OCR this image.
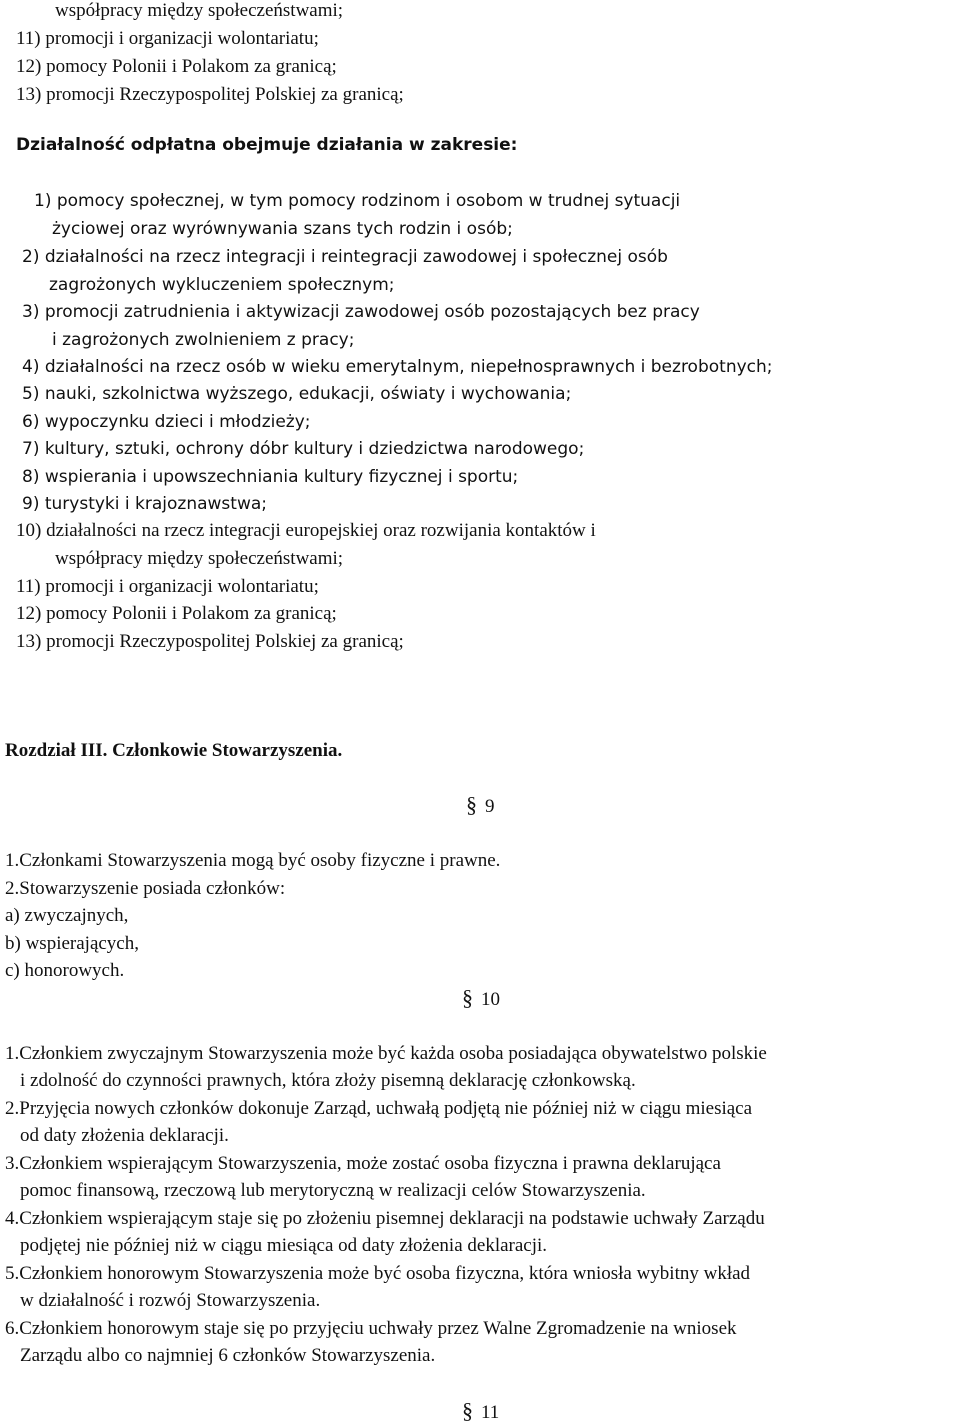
współpracy między społeczeństwami;
11) promocji i organizacji wolontariatu;
12) pomocy Polonii i Polakom za granicą;
13) promocji Rzeczypospolitej Polskiej za granicą;
Działalność odpłatna obejmuje działania w zakresie:
1) pomocy społecznej, w tym pomocy rodzinom i osobom w trudnej sytuacji
życiowej oraz wyrównywania szans tych rodzin i osób;
2) działalności na rzecz integracji i reintegracji zawodowej i społecznej osób
zagrożonych wykluczeniem społecznym;
3) promocji zatrudnienia i aktywizacji zawodowej osób pozostających bez pracy
i zagrożonych zwolnieniem z pracy;
4) działalności na rzecz osób w wieku emerytalnym, niepełnosprawnych i bezrobotnych;
5) nauki, szkolnictwa wyższego, edukacji, oświaty i wychowania;
6) wypoczynku dzieci i młodzieży;
7) kultury, sztuki, ochrony dóbr kultury i dziedzictwa narodowego;
8) wspierania i upowszechniania kultury fizycznej i sportu;
9) turystyki i krajoznawstwa;
10) działalności na rzecz integracji europejskiej oraz rozwijania kontaktów i
współpracy między społeczeństwami;
11) promocji i organizacji wolontariatu;
12) pomocy Polonii i Polakom za granicą;
13) promocji Rzeczypospolitej Polskiej za granicą;
Rozdział III. Członkowie Stowarzyszenia.
§ 9
1.Członkami Stowarzyszenia mogą być osoby fizyczne i prawne.
2.Stowarzyszenie posiada członków:
a) zwyczajnych,
b) wspierających,
c) honorowych.
§ 10
1.Członkiem zwyczajnym Stowarzyszenia może być każda osoba posiadająca obywatelstwo polskie
i zdolność do czynności prawnych, która złoży pisemną deklarację członkowską.
2.Przyjęcia nowych członków dokonuje Zarząd, uchwałą podjętą nie później niż w ciągu miesiąca
od daty złożenia deklaracji.
3.Członkiem wspierającym Stowarzyszenia, może zostać osoba fizyczna i prawna deklarująca
pomoc finansową, rzeczową lub merytoryczną w realizacji celów Stowarzyszenia.
4.Członkiem wspierającym staje się po złożeniu pisemnej deklaracji na podstawie uchwały Zarządu
podjętej nie później niż w ciągu miesiąca od daty złożenia deklaracji.
5.Członkiem honorowym Stowarzyszenia może być osoba fizyczna, która wniosła wybitny wkład
w działalność i rozwój Stowarzyszenia.
6.Członkiem honorowym staje się po przyjęciu uchwały przez Walne Zgromadzenie na wniosek
Zarządu albo co najmniej 6 członków Stowarzyszenia.
§ 11
